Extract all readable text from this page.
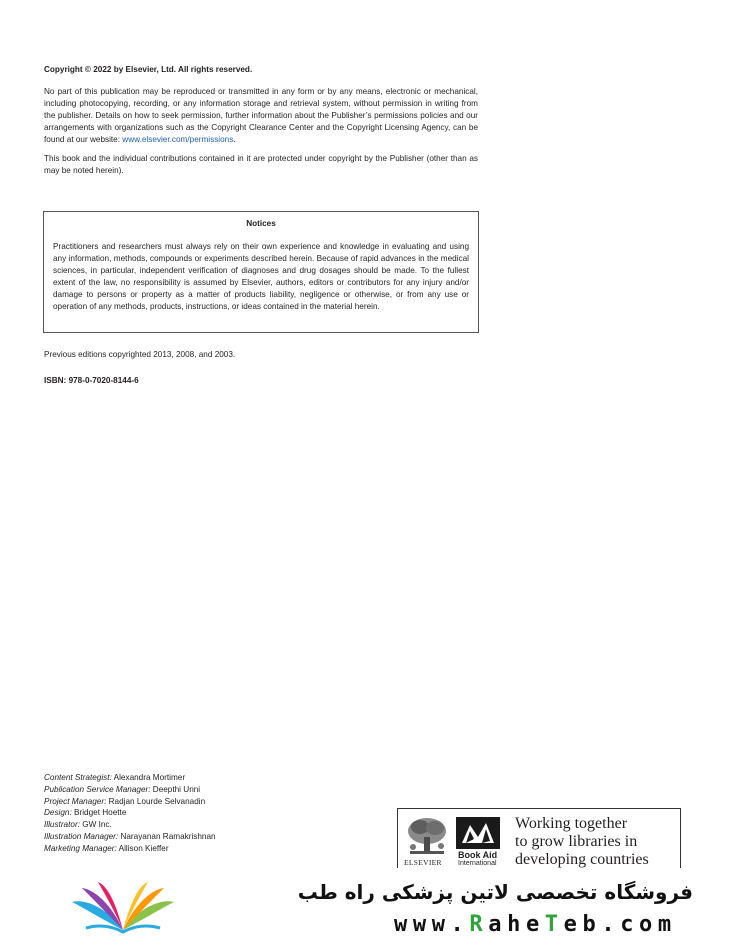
Copyright © 2022 by Elsevier, Ltd. All rights reserved.

No part of this publication may be reproduced or transmitted in any form or by any means, electronic or mechanical, including photocopying, recording, or any information storage and retrieval system, without permission in writing from the publisher. Details on how to seek permission, further information about the Publisher’s permissions policies and our arrangements with organizations such as the Copyright Clearance Center and the Copyright Licensing Agency, can be found at our website: www.elsevier.com/permissions.

This book and the individual contributions contained in it are protected under copyright by the Publisher (other than as may be noted herein).

Notices

Practitioners and researchers must always rely on their own experience and knowledge in evaluating and using any information, methods, compounds or experiments described herein. Because of rapid advances in the medical sciences, in particular, independent verification of diagnoses and drug dosages should be made. To the fullest extent of the law, no responsibility is assumed by Elsevier, authors, editors or contributors for any injury and/or damage to persons or property as a matter of products liability, negligence or otherwise, or from any use or operation of any methods, products, instructions, or ideas contained in the material herein.

Previous editions copyrighted 2013, 2008, and 2003.
ISBN: 978-0-7020-8144-6
Content Strategist: Alexandra Mortimer
Publication Service Manager: Deepthi Unni
Project Manager: Radjan Lourde Selvanadin
Design: Bridget Hoette
Illustrator: GW Inc.
Illustration Manager: Narayanan Ramakrishnan
Marketing Manager: Allison Kieffer
ELSEVIER
Book Aid
International
Working together
to grow libraries in
developing countries
فروشگاه تخصصی لاتین پزشکی راه طب
www.RaheTeb.com
